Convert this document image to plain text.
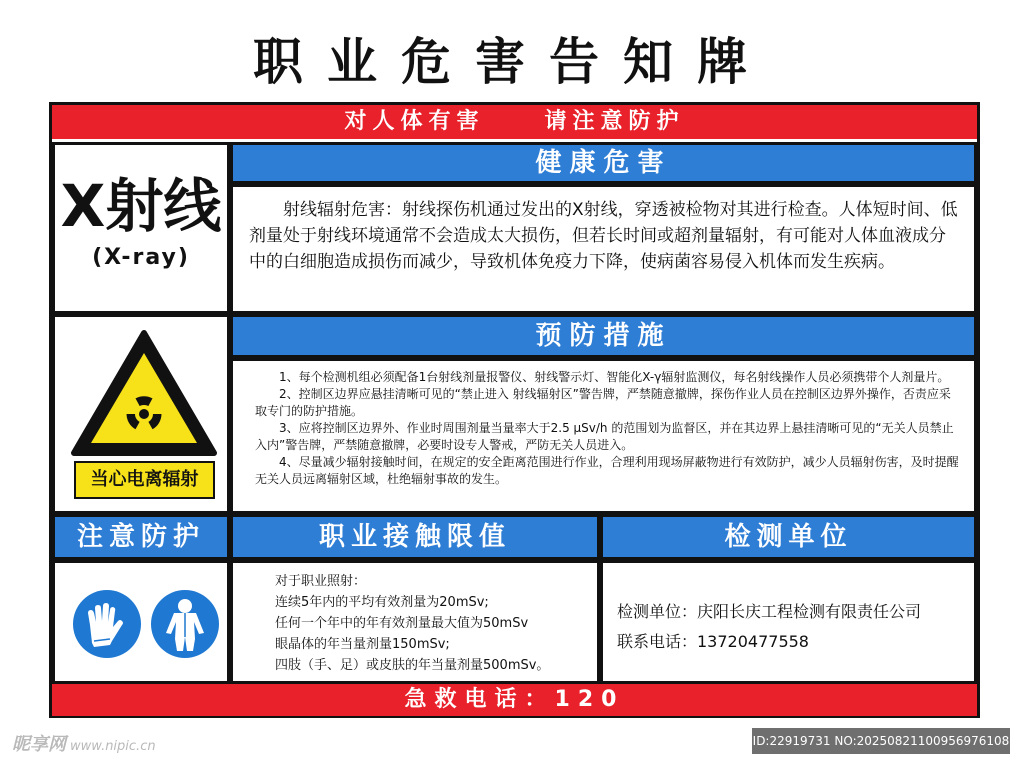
职业危害告知牌
对人体有害	请注意防护
X射线
(X-ray)
健康危害
射线辐射危害：射线探伤机通过发出的X射线，穿透被检物对其进行检查。人体短时间、低剂量处于射线环境通常不会造成太大损伤，但若长时间或超剂量辐射，有可能对人体血液成分中的白细胞造成损伤而减少，导致机体免疫力下降，使病菌容易侵入机体而发生疾病。
当心电离辐射
预防措施

1、每个检测机组必须配备1台射线剂量报警仪、射线警示灯、智能化X-γ辐射监测仪，每名射线操作人员必须携带个人剂量片。

2、控制区边界应悬挂清晰可见的“禁止进入 射线辐射区”警告牌，严禁随意撤牌，探伤作业人员在控制区边界外操作，否责应采取专门的防护措施。

3、应将控制区边界外、作业时周围剂量当量率大于2.5 μSv/h 的范围划为监督区，并在其边界上悬挂清晰可见的“无关人员禁止入内”警告牌，严禁随意撤牌，必要时设专人警戒，严防无关人员进入。

4、尽量减少辐射接触时间，在规定的安全距离范围进行作业，合理利用现场屏蔽物进行有效防护，减少人员辐射伤害，及时提醒无关人员远离辐射区域，杜绝辐射事故的发生。

注意防护	职业接触限值	检测单位
对于职业照射：
连续5年内的平均有效剂量为20mSv;
任何一个年中的年有效剂量最大值为50mSv
眼晶体的年当量剂量150mSv;
四肢（手、足）或皮肤的年当量剂量500mSv。
检测单位：庆阳长庆工程检测有限责任公司
联系电话：13720477558
急救电话：120
昵享网 www.nipic.cn	ID:22919731 NO:20250821100956976108
